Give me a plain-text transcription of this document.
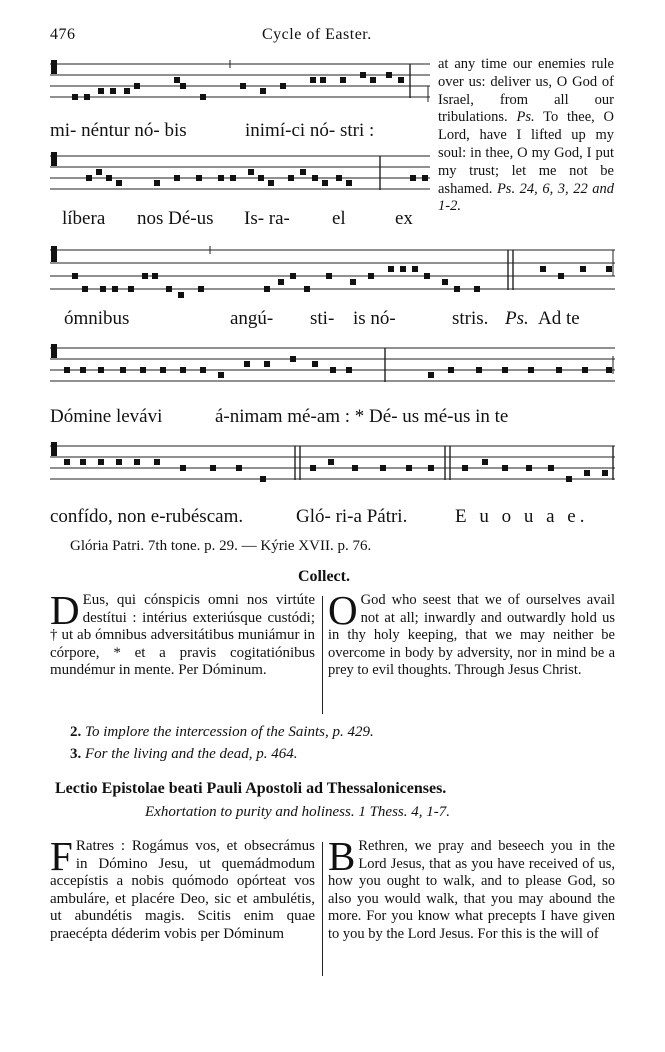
476	Cycle of Easter.
mi- néntur nó- bis	inimí-ci nó- stri :
líbera nos Dé-us Is- ra- el	ex

at any time our enemies rule over us: deliver us, O God of Israel, from all our tribulations. Ps. To thee, O Lord, have I lifted up my soul: in thee, O my God, I put my trust; let me not be ashamed. Ps. 24, 6, 3, 22 and 1-2.

ómnibus	angú- sti- is nó-	stris. Ps. Ad te
Dómine levávi	á-nimam mé-am : * Dé- us mé-us in te
confído, non e-rubéscam.	Gló- ri-a Pátri.	E u o u a e.
Glória Patri. 7th tone. p. 29. — Kýrie XVII. p. 76.
Collect.

D Eus, qui cónspicis omni nos virtúte destítui : intérius exteriúsque custódi; † ut ab ómnibus adversitátibus muniámur in córpore, * et a pravis cogitatiónibus mundémur in mente. Per Dóminum.

O God who seest that we of ourselves avail not at all; inwardly and outwardly hold us in thy holy keeping, that we may neither be overcome in body by adversity, nor in mind be a prey to evil thoughts. Through Jesus Christ.

2. To implore the intercession of the Saints, p. 429.
3. For the living and the dead, p. 464.
Lectio Epistolae beati Pauli Apostoli ad Thessalonicenses.
Exhortation to purity and holiness. 1 Thess. 4, 1-7.

F Ratres : Rogámus vos, et obsecrámus in Dómino Jesu, ut quemádmodum accepístis a nobis quómodo opórteat vos ambuláre, et placére Deo, sic et ambulétis, ut abundétis magis. Scitis enim quae praecépta déderim vobis per Dóminum

B Rethren, we pray and beseech you in the Lord Jesus, that as you have received of us, how you ought to walk, and to please God, so also you would walk, that you may abound the more. For you know what precepts I have given to you by the Lord Jesus. For this is the will of
